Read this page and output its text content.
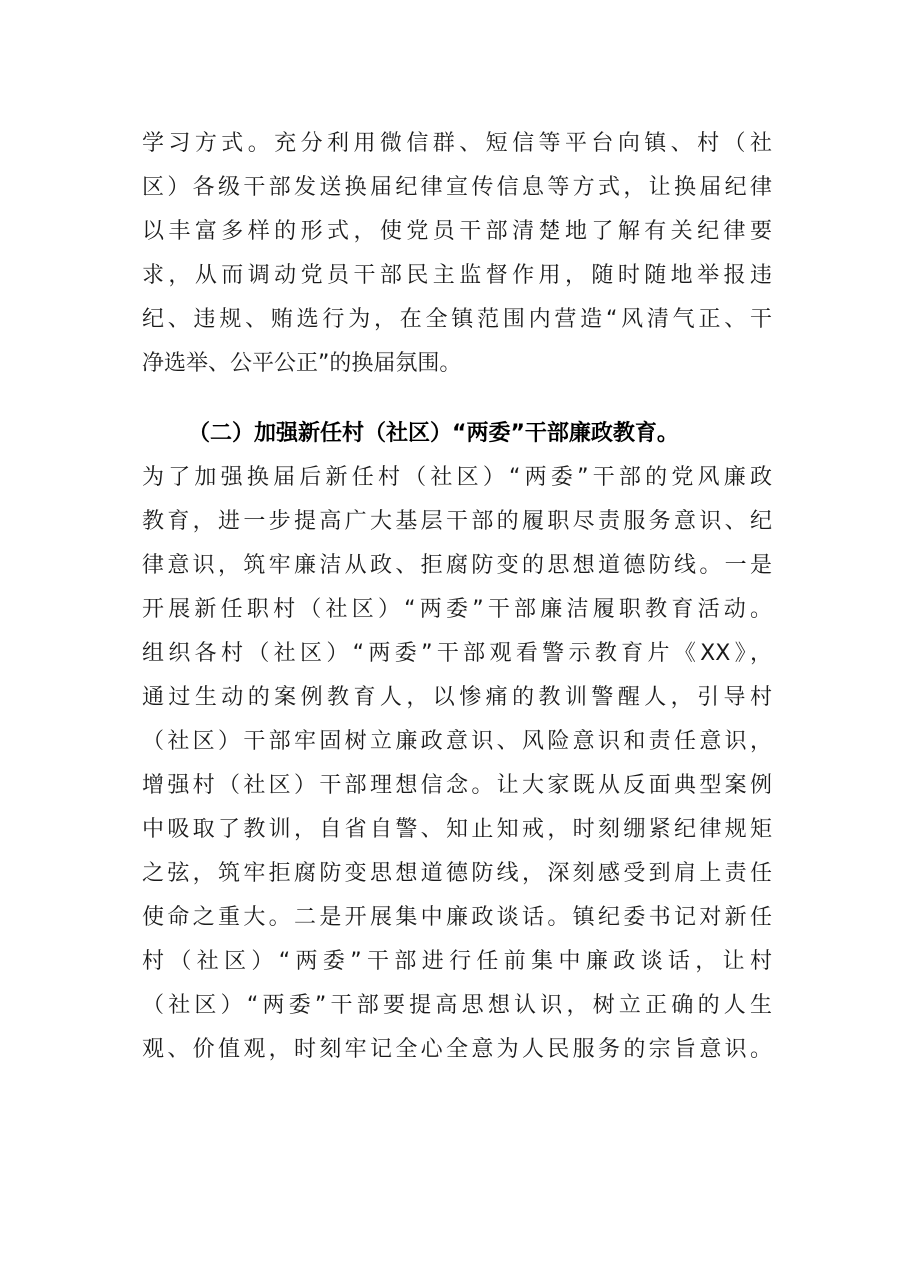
学习方式。充分利用微信群、短信等平台向镇、村（社
区）各级干部发送换届纪律宣传信息等方式，让换届纪律
以丰富多样的形式，使党员干部清楚地了解有关纪律要
求，从而调动党员干部民主监督作用，随时随地举报违
纪、违规、贿选行为，在全镇范围内营造“风清气正、干
净选举、公平公正”的换届氛围。
（二）加强新任村（社区）“两委”干部廉政教育。
为了加强换届后新任村（社区）“两委”干部的党风廉政
教育，进一步提高广大基层干部的履职尽责服务意识、纪
律意识，筑牢廉洁从政、拒腐防变的思想道德防线。一是
开展新任职村（社区）“两委”干部廉洁履职教育活动。
组织各村（社区）“两委”干部观看警示教育片《XX》，
通过生动的案例教育人，以惨痛的教训警醒人，引导村
（社区）干部牢固树立廉政意识、风险意识和责任意识，
增强村（社区）干部理想信念。让大家既从反面典型案例
中吸取了教训，自省自警、知止知戒，时刻绷紧纪律规矩
之弦，筑牢拒腐防变思想道德防线，深刻感受到肩上责任
使命之重大。二是开展集中廉政谈话。镇纪委书记对新任
村（社区）“两委”干部进行任前集中廉政谈话，让村
（社区）“两委”干部要提高思想认识，树立正确的人生
观、价值观，时刻牢记全心全意为人民服务的宗旨意识。
